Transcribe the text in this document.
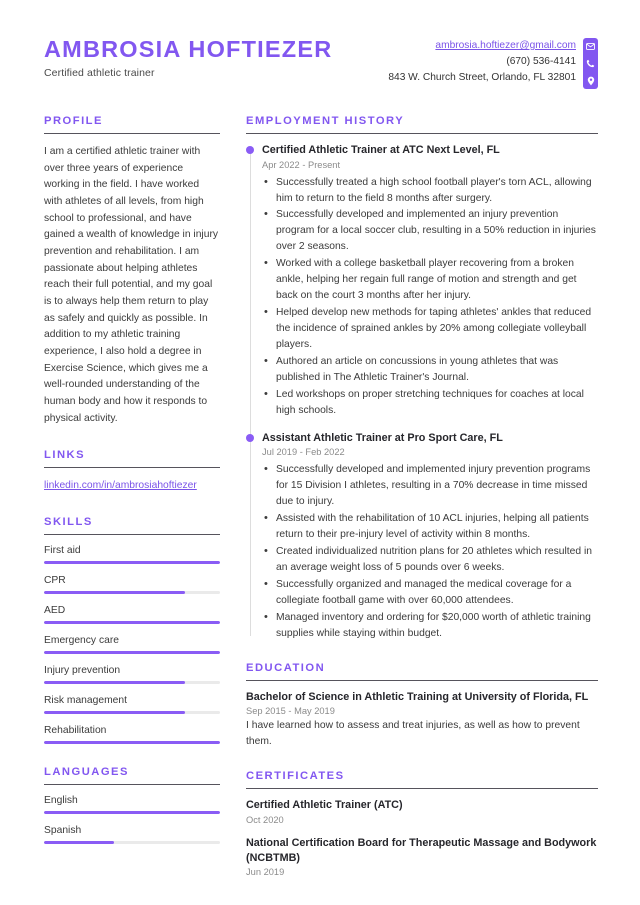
AMBROSIA HOFTIEZER
Certified athletic trainer
ambrosia.hoftiezer@gmail.com
(670) 536-4141
843 W. Church Street, Orlando, FL 32801
PROFILE
I am a certified athletic trainer with over three years of experience working in the field. I have worked with athletes of all levels, from high school to professional, and have gained a wealth of knowledge in injury prevention and rehabilitation. I am passionate about helping athletes reach their full potential, and my goal is to always help them return to play as safely and quickly as possible. In addition to my athletic training experience, I also hold a degree in Exercise Science, which gives me a well-rounded understanding of the human body and how it responds to physical activity.
LINKS
linkedin.com/in/ambrosiahoftiezer
SKILLS
First aid
CPR
AED
Emergency care
Injury prevention
Risk management
Rehabilitation
LANGUAGES
English
Spanish
EMPLOYMENT HISTORY
Certified Athletic Trainer at ATC Next Level, FL
Apr 2022 - Present
• Successfully treated a high school football player's torn ACL, allowing him to return to the field 8 months after surgery.
• Successfully developed and implemented an injury prevention program for a local soccer club, resulting in a 50% reduction in injuries over 2 seasons.
• Worked with a college basketball player recovering from a broken ankle, helping her regain full range of motion and strength and get back on the court 3 months after her injury.
• Helped develop new methods for taping athletes' ankles that reduced the incidence of sprained ankles by 20% among collegiate volleyball players.
• Authored an article on concussions in young athletes that was published in The Athletic Trainer's Journal.
• Led workshops on proper stretching techniques for coaches at local high schools.
Assistant Athletic Trainer at Pro Sport Care, FL
Jul 2019 - Feb 2022
• Successfully developed and implemented injury prevention programs for 15 Division I athletes, resulting in a 70% decrease in time missed due to injury.
• Assisted with the rehabilitation of 10 ACL injuries, helping all patients return to their pre-injury level of activity within 8 months.
• Created individualized nutrition plans for 20 athletes which resulted in an average weight loss of 5 pounds over 6 weeks.
• Successfully organized and managed the medical coverage for a collegiate football game with over 60,000 attendees.
• Managed inventory and ordering for $20,000 worth of athletic training supplies while staying within budget.
EDUCATION
Bachelor of Science in Athletic Training at University of Florida, FL
Sep 2015 - May 2019
I have learned how to assess and treat injuries, as well as how to prevent them.
CERTIFICATES
Certified Athletic Trainer (ATC)
Oct 2020
National Certification Board for Therapeutic Massage and Bodywork (NCBTMB)
Jun 2019
